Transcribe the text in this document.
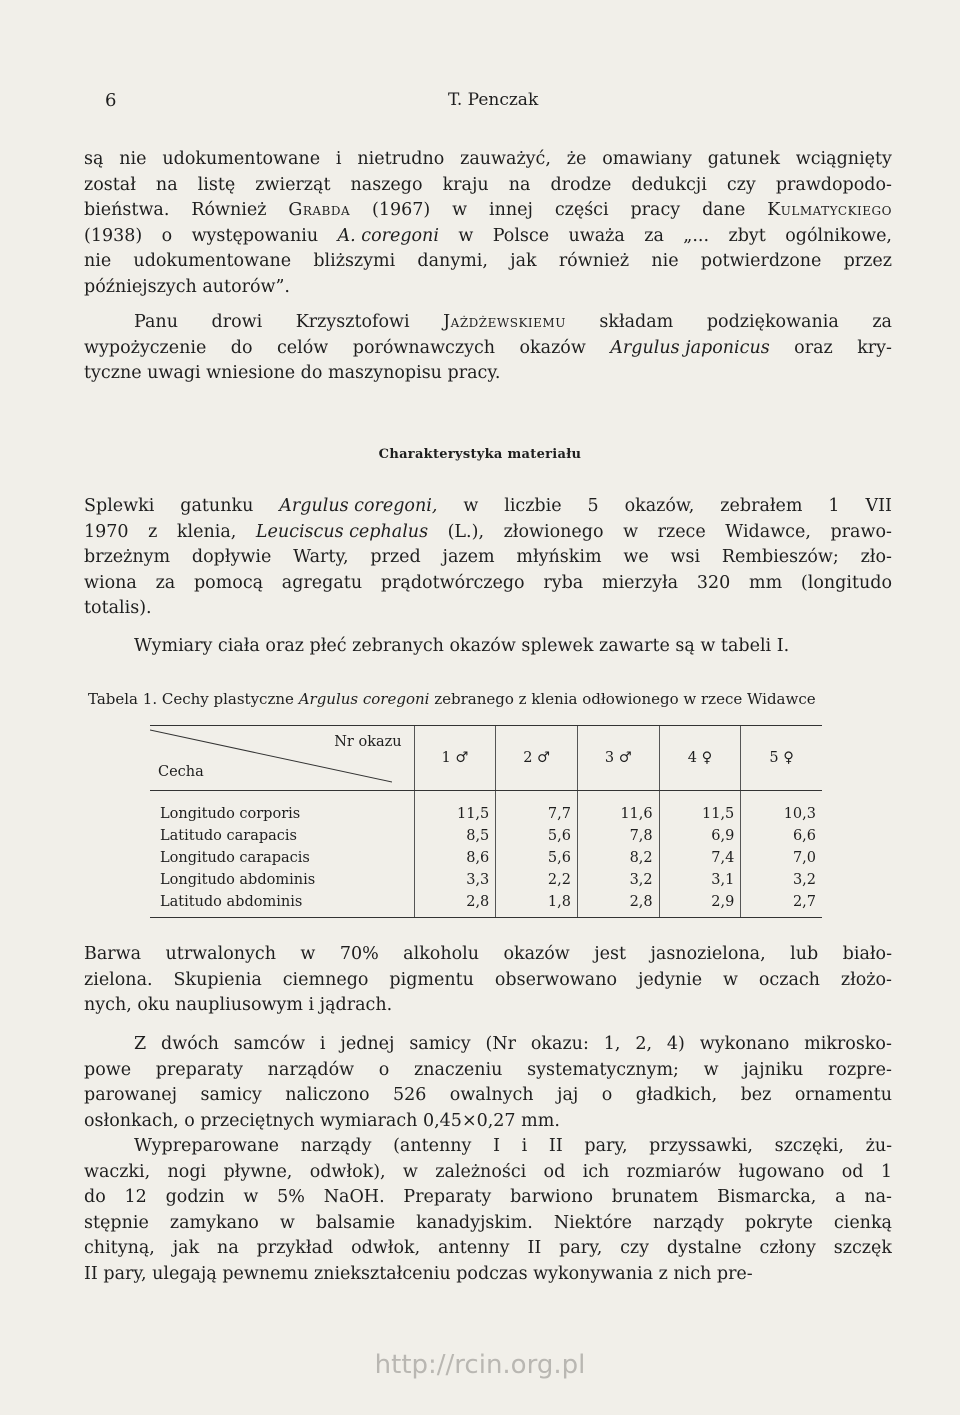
6	T. Penczak
są nie udokumentowane i nietrudno zauważyć, że omawiany gatunek wciągnięty
został na listę zwierząt naszego kraju na drodze dedukcji czy prawdopodo-
bieństwa. Również Grabda (1967) w innej części pracy dane Kulmatyckiego
(1938) o występowaniu A. coregoni w Polsce uważa za „... zbyt ogólnikowe,
nie udokumentowane bliższymi danymi, jak również nie potwierdzone przez
późniejszych autorów”.
Panu drowi Krzysztofowi Jażdżewskiemu składam podziękowania za
wypożyczenie do celów porównawczych okazów Argulus japonicus oraz kry-
tyczne uwagi wniesione do maszynopisu pracy.
Charakterystyka materiału
Splewki gatunku Argulus coregoni, w liczbie 5 okazów, zebrałem 1 VII
1970 z klenia, Leuciscus cephalus (L.), złowionego w rzece Widawce, prawo-
brzeżnym dopływie Warty, przed jazem młyńskim we wsi Rembieszów; zło-
wiona za pomocą agregatu prądotwórczego ryba mierzyła 320 mm (longitudo
totalis).
Wymiary ciała oraz płeć zebranych okazów splewek zawarte są w tabeli I.
Tabela 1. Cechy plastyczne Argulus coregoni zebranego z klenia odłowionego w rzece Widawce
Nr okazu
Cecha	1 ♂	2 ♂	3 ♂	4 ♀	5 ♀
Longitudo corporis	11,5	7,7	11,6	11,5	10,3
Latitudo carapacis	8,5	5,6	7,8	6,9	6,6
Longitudo carapacis	8,6	5,6	8,2	7,4	7,0
Longitudo abdominis	3,3	2,2	3,2	3,1	3,2
Latitudo abdominis	2,8	1,8	2,8	2,9	2,7
Barwa utrwalonych w 70% alkoholu okazów jest jasnozielona, lub biało-
zielona. Skupienia ciemnego pigmentu obserwowano jedynie w oczach złożo-
nych, oku naupliusowym i jądrach.
Z dwóch samców i jednej samicy (Nr okazu: 1, 2, 4) wykonano mikrosko-
powe preparaty narządów o znaczeniu systematycznym; w jajniku rozpre-
parowanej samicy naliczono 526 owalnych jaj o gładkich, bez ornamentu
osłonkach, o przeciętnych wymiarach 0,45×0,27 mm.
Wypreparowane narządy (antenny I i II pary, przyssawki, szczęki, żu-
waczki, nogi pływne, odwłok), w zależności od ich rozmiarów ługowano od 1
do 12 godzin w 5% NaOH. Preparaty barwiono brunatem Bismarcka, a na-
stępnie zamykano w balsamie kanadyjskim. Niektóre narządy pokryte cienką
chityną, jak na przykład odwłok, antenny II pary, czy dystalne człony szczęk
II pary, ulegają pewnemu zniekształceniu podczas wykonywania z nich pre-
http://rcin.org.pl
